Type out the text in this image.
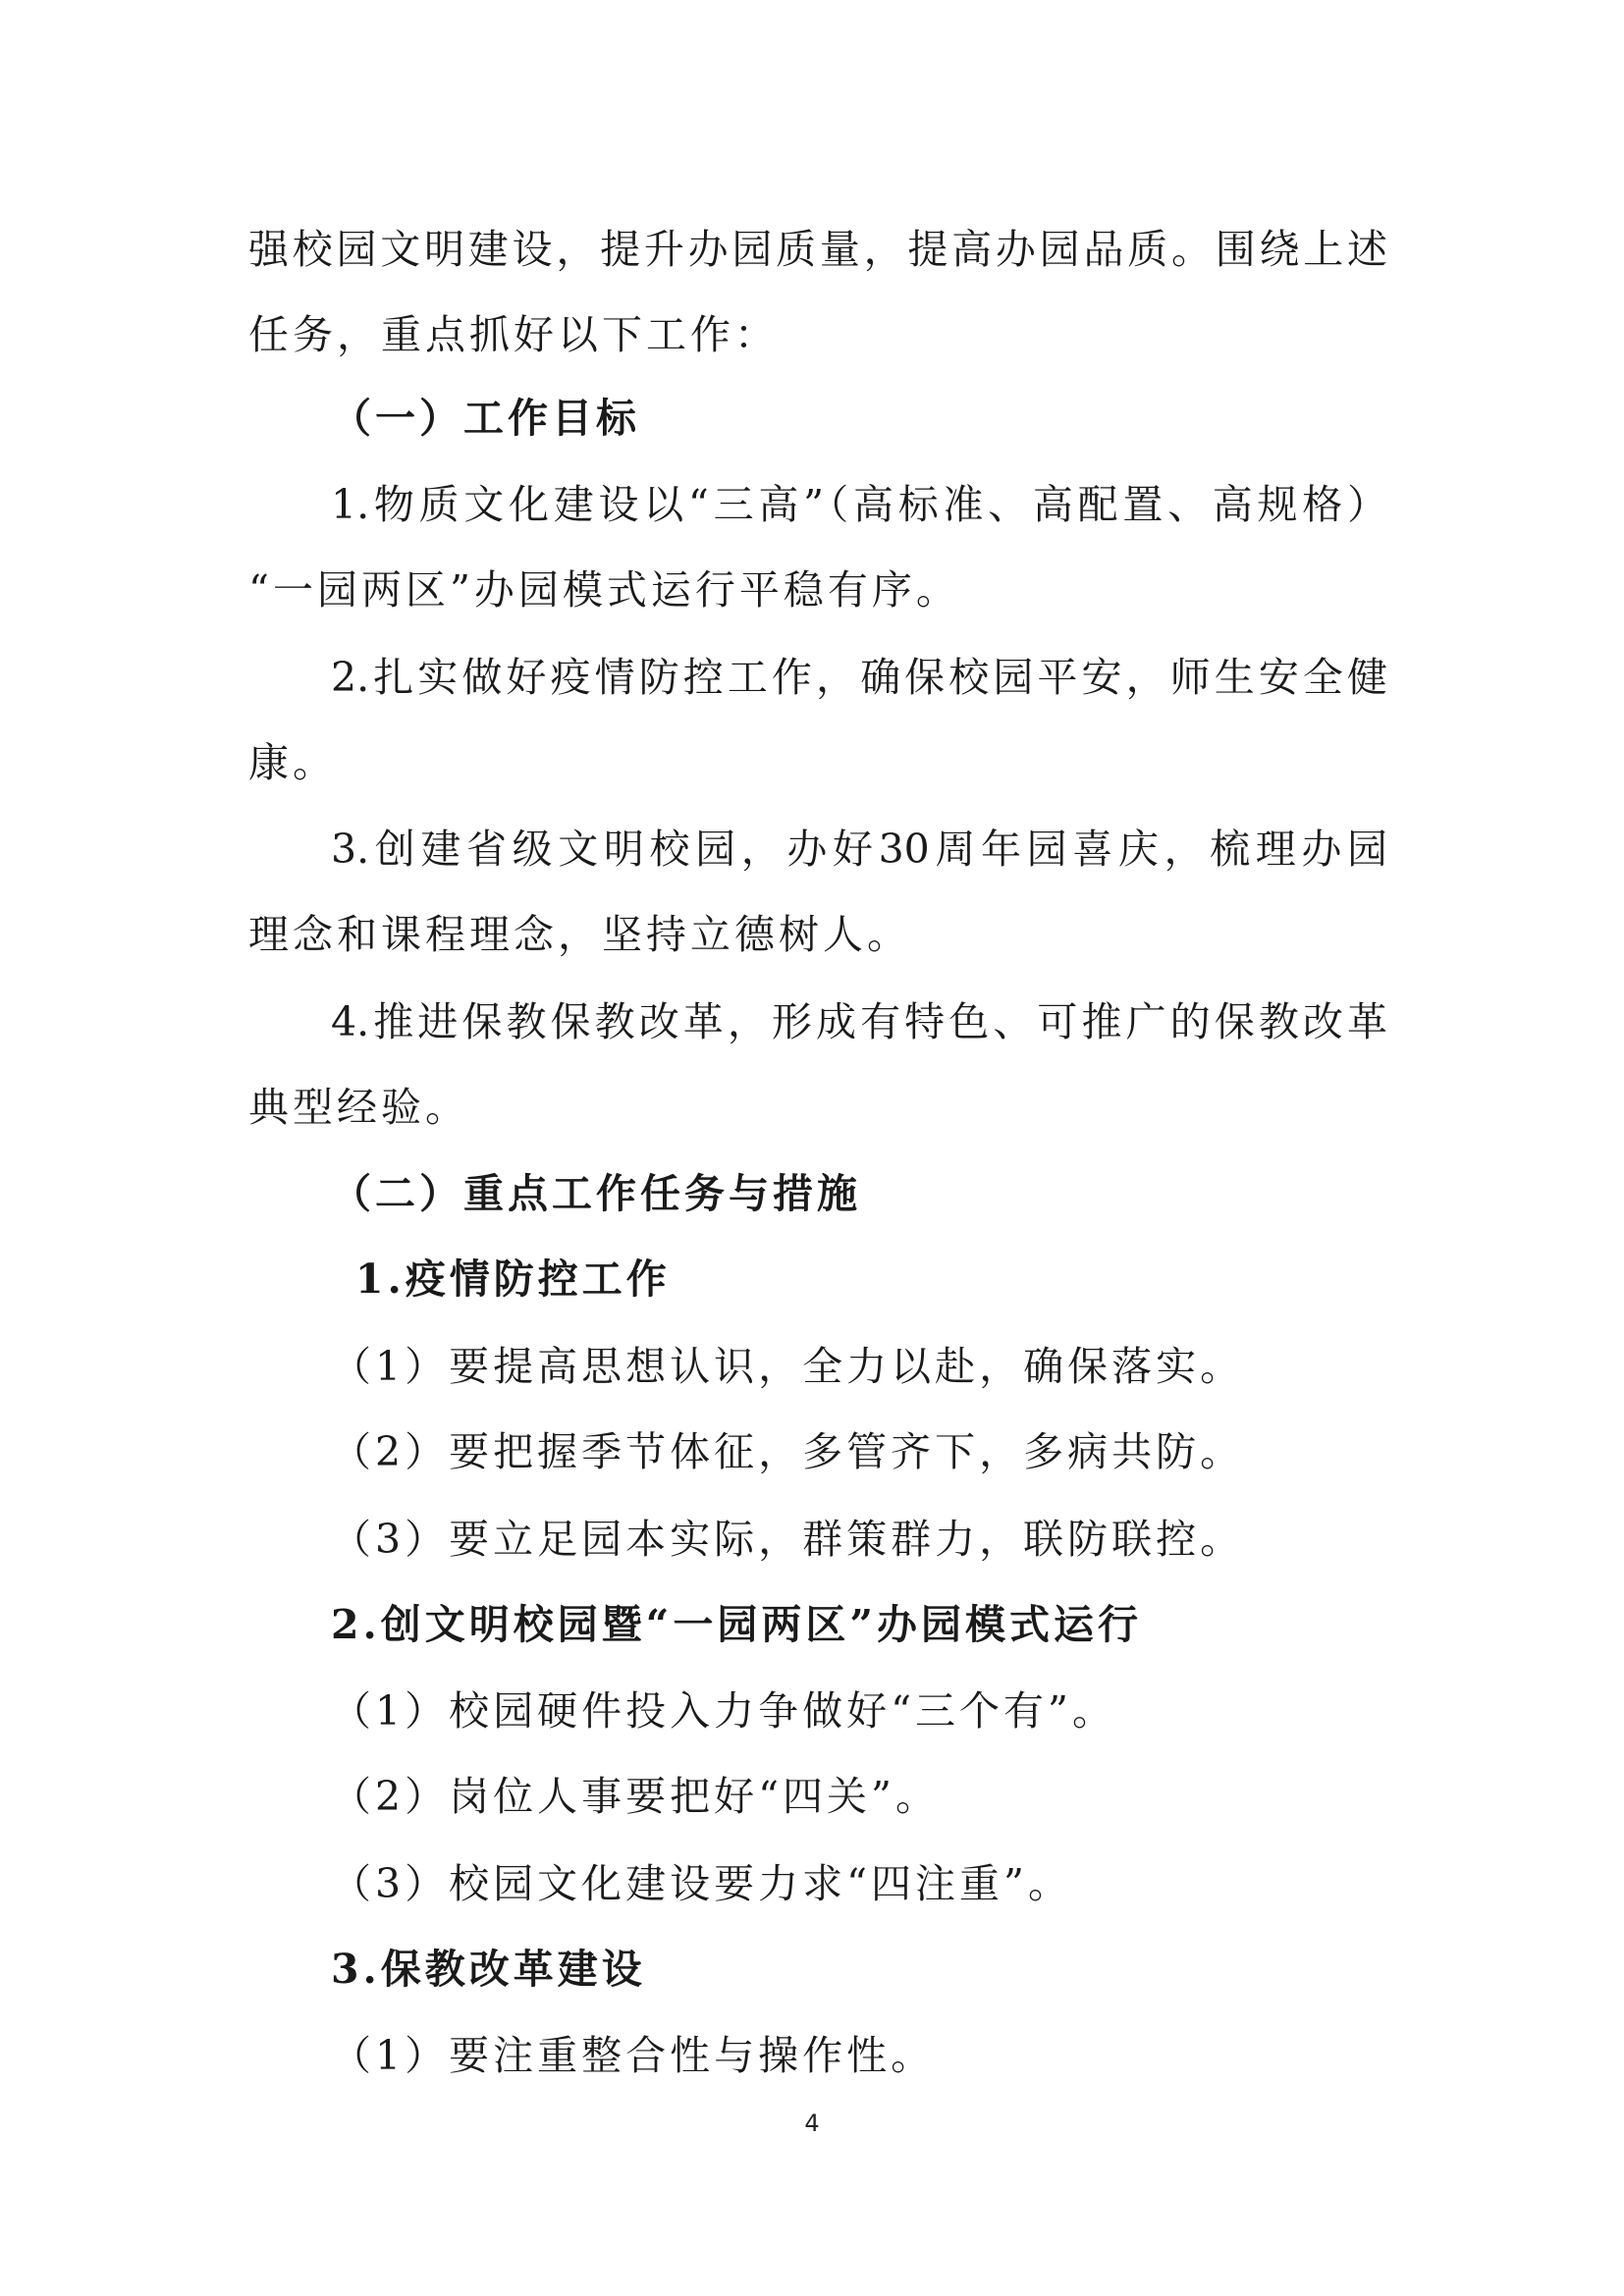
强校园文明建设，提升办园质量，提高办园品质。围绕上述
任务，重点抓好以下工作：
（一）工作目标
1.物质文化建设以“三高”（高标准、高配置、高规格）
“一园两区”办园模式运行平稳有序。
2.扎实做好疫情防控工作，确保校园平安，师生安全健
康。
3.创建省级文明校园，办好30周年园喜庆，梳理办园
理念和课程理念，坚持立德树人。
4.推进保教保教改革，形成有特色、可推广的保教改革
典型经验。
（二）重点工作任务与措施
1.疫情防控工作
（1）要提高思想认识，全力以赴，确保落实。
（2）要把握季节体征，多管齐下，多病共防。
（3）要立足园本实际，群策群力，联防联控。
2.创文明校园暨“一园两区”办园模式运行
（1）校园硬件投入力争做好“三个有”。
（2）岗位人事要把好“四关”。
（3）校园文化建设要力求“四注重”。
3.保教改革建设
（1）要注重整合性与操作性。
4
